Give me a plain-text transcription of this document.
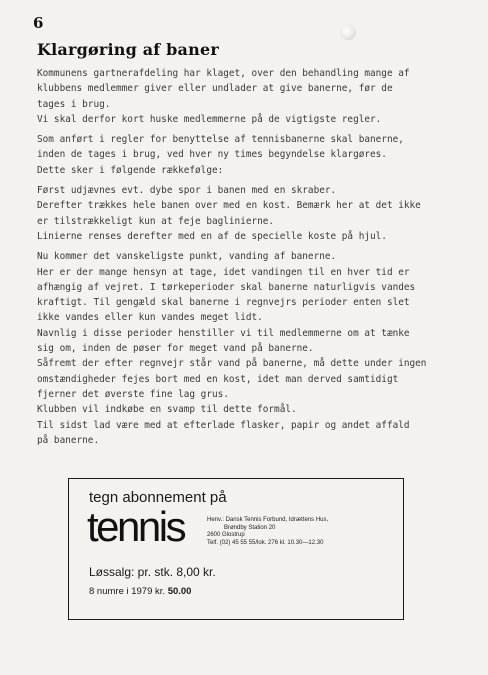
6
Klargøring af baner
Kommunens gartnerafdeling har klaget, over den behandling mange af
klubbens medlemmer giver eller undlader at give banerne, før de
tages i brug.
Vi skal derfor kort huske medlemmerne på de vigtigste regler.
Som anført i regler for benyttelse af tennisbanerne skal banerne,
inden de tages i brug, ved hver ny times begyndelse klargøres.
Dette sker i følgende rækkefølge:
Først udjævnes evt. dybe spor i banen med en skraber.
Derefter trækkes hele banen over med en kost. Bemærk her at det ikke
er tilstrækkeligt kun at feje baglinierne.
Linierne renses derefter med en af de specielle koste på hjul.
Nu kommer det vanskeligste punkt, vanding af banerne.
Her er der mange hensyn at tage, idet vandingen til en hver tid er
afhængig af vejret. I tørkeperioder skal banerne naturligvis vandes
kraftigt. Til gengæld skal banerne i regnvejrs perioder enten slet
ikke vandes eller kun vandes meget lidt.
Navnlig i disse perioder henstiller vi til medlemmerne om at tænke
sig om, inden de pøser for meget vand på banerne.
Såfremt der efter regnvejr står vand på banerne, må dette under ingen
omstændigheder fejes bort med en kost, idet man derved samtidigt
fjerner det øverste fine lag grus.
Klubben vil indkøbe en svamp til dette formål.
Til sidst lad være med at efterlade flasker, papir og andet affald
på banerne.
tegn abonnement på
tennis	Henv.: Dansk Tennis Forbund, Idrættens Hus,
Brøndby Station 20
2600 Glostrup
Telf. (02) 45 55 55/lok. 276 kl. 10.30—12.30
Løssalg: pr. stk. 8,00 kr.
8 numre i 1979 kr. 50.00
